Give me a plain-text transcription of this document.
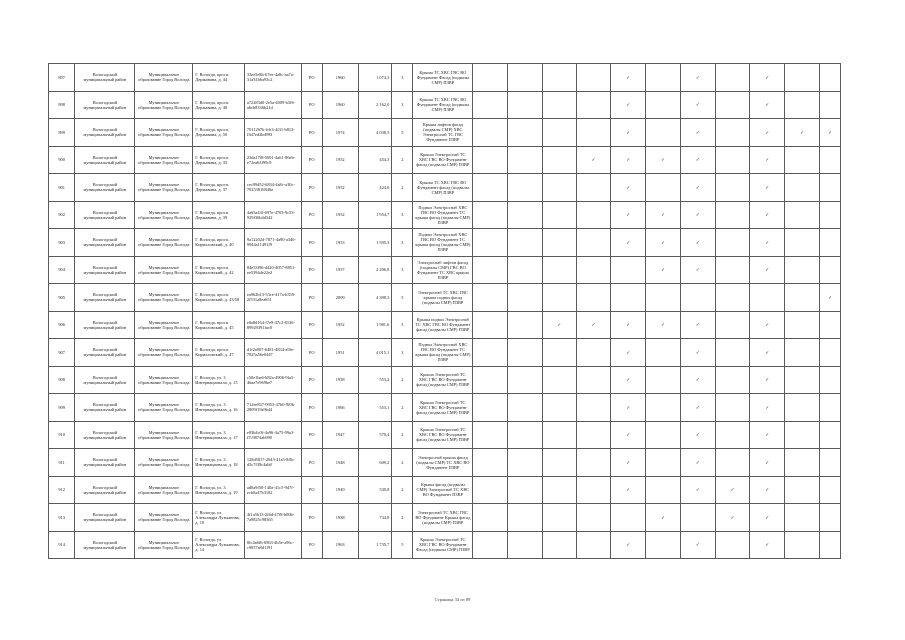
897	Вологодский муниципальный район	Муниципальное образование Город Вологда	Г. Вологда, просп. Державина, д. 44	33ee5e8b-67ee-4a8c-aa7a-31a31b6a93c2	РО	1960	1 074,3	3	Крыша ТС ХВС ГВС ВО Фундамент Фасад (подвалы СМР) ПЗВР					✓		✓		✓		
898	Вологодский муниципальный район	Муниципальное образование Город Вологда	Г. Вологда, просп. Державина, д. 48	a72283d0-2e5a-4009-b5f6-a6cb8336b21d	РО	1960	2 162,0	3	Крыша ТС ХВС ГВС ВО Фундамент Фасад (подвалы СМР) ПЗВР					✓		✓		✓		
899	Вологодский муниципальный район	Муниципальное образование Город Вологда	Г. Вологда, просп. Державина, д. 50	7011267b-fcb3-4f31-b812-f3d7ed2bd993	РО	1974	4 038,5	5	Крыша лифтов фасад (подвалы СМР) ХВС Электроснаб ТС ГВС Фундамент ПЗВР					✓		✓		✓	✓	✓
900	Вологодский муниципальный район	Муниципальное образование Город Вологда	Г. Вологда, просп. Державина, д. 35	23da17f8-5691-4a61-86eb-e72ea63f99c9	РО	1952	454,3	2	Крыша Электроснаб ТС ХВС ГВС ВО Фундамент фасад (подвалы СМР) ПЗВР				✓	✓	✓	✓		✓		
901	Вологодский муниципальный район	Муниципальное образование Город Вологда	Г. Вологда, просп. Державина, д. 37	cec99d52-6834-4a8c-a30c-79253816846a	РО	1952	424,6	2	Крыша ТС ХВС ГВС ВО Фундамент фасад (подвалы СМР) ПЗВР					✓		✓		✓		
902	Вологодский муниципальный район	Муниципальное образование Город Вологда	Г. Вологда, просп. Державина, д. 39	4a65a43f-697e-4703-9c53-929f36b4d342	РО	1952	1 954,7	3	Подвал Электроснаб ХВС ГВС ВО Фундамент ТС крыша фасад (подвалы СМР) ПЗВР					✓	✓	✓		✓		
903	Вологодский муниципальный район	Муниципальное образование Город Вологда	Г. Вологда, просп. Кирилловский, д. 40	9a12202d-7871-4a90-a346-9944a11491f9	РО	1953	1 595,3	3	Подвал Электроснаб ХВС ГВС ВО Фундамент ТС крыша фасад (подвалы СМР) ПЗВР					✓	✓	✓		✓		
904	Вологодский муниципальный район	Муниципальное образование Город Вологда	Г. Вологда, просп. Кирилловский, д. 42	84e53f96-d420-4057-8851-ee5394de22e2	РО	1957	2 206,8	3	Электроснаб лифтов фасад (подвалы СМР) ГВС ВО Фундамент ТС ХВС крыша ПЗВР						✓	✓		✓		
905	Вологодский муниципальный район	Муниципальное образование Город Вологда	Г. Вологда, просп. Кирилловский, д. 43/58	ea962b13-53ce-417a-b359-2f531a8ea651	РО	2009	4 398,3	5	Электроснаб ТС ХВС ГВС крыша подвал фасад (подвалы СМР) ПЗВР											✓
906	Вологодский муниципальный район	Муниципальное образование Город Вологда	Г. Вологда, просп. Кирилловский, д. 45	e0a8d164-f7e9-47c2-8136-89929391fac0	РО	1952	1 981,6	3	Крыша подвал Электроснаб ТС ХВС ГВС ВО Фундамент фасад (подвалы СМР) ПЗВР			✓	✓	✓	✓	✓		✓		
907	Вологодский муниципальный район	Муниципальное образование Город Вологда	Г. Вологда, просп. Кирилловский, д. 47	d1f2a907-6481-4834-a9fe-7825a56e0447	РО	1951	4 015,1	3	Подвал Электроснаб ХВС ГВС ВО Фундамент ТС крыша фасад (подвалы СМР) ПЗВР					✓		✓		✓		
908	Вологодский муниципальный район	Муниципальное образование Город Вологда	Г. Вологда, ул. 3 Интернационала, д. 15	c50e1be6-b82a-4906-9fa5-46ae7e969be7	РО	1958	553,2	2	Крыша Электроснаб ТС ХВС ГВС ВО Фундамент фасад (подвалы СМР) ПЗВР					✓		✓		✓		
909	Вологодский муниципальный район	Муниципальное образование Город Вологда	Г. Вологда, ул. 3 Интернационала, д. 16	712ee837-9953-47b0-9f0b-2809f19a9b44	РО	1966	553,1	2	Крыша Электроснаб ТС ХВС ГВС ВО Фундамент фасад (подвалы СМР) ПЗВР					✓		✓		✓		
910	Вологодский муниципальный район	Муниципальное образование Город Вологда	Г. Вологда, ул. 3 Интернационала, д. 17	e83b4c0f-4a96-4a75-99a3-f7c9874ab990	РО	1947	570,4	2	Крыша Электроснаб ТС ХВС ГВС ВО Фундамент фасад (подвалы СМР) ПЗВР					✓		✓		✓		
911	Вологодский муниципальный район	Муниципальное образование Город Вологда	Г. Вологда, ул. 3 Интернационала, д. 18	128d5817-2643-41a5-8f0c-d5c7f38c4ab8	РО	1948	609,2	2	Электроснаб крыша фасад (подвалы СМР) ТС ХВС ВО Фундамент ПЗВР					✓		✓		✓		
912	Вологодский муниципальный район	Муниципальное образование Город Вологда	Г. Вологда, ул. 3 Интернационала, д. 19	ad0a9f50-140a-41c5-9d7f-ecb0a47b3182	РО	1949	530,8	2	Крыша фасад (подвалы СМР) Электроснаб ТС ХВС ВО Фундамент ПЗВР					✓		✓	✓	✓		
913	Вологодский муниципальный район	Муниципальное образование Город Вологда	Г. Вологда, ул. Александра Лузыанова, д. 10	4f1a5b13-2f6d-47f8-b00b-7a9825c98365	РО	1938	734,8	2	Электроснаб ТС ХВС ГВС ВО Фундамент Крыша фасад (подвалы СМР) ПЗВР						✓		✓	✓		
914	Вологодский муниципальный район	Муниципальное образование Город Вологда	Г. Вологда, ул. Александра Лузыанова, д. 14	8fc4a6f6-6963-4b5e-a96c-c9057a8d1191	РО	1963	1 735,7	5	Крыша Электроснаб ТС ХВС ГВС ВО Фундамент Фасад (подвалы СМР) ПЗВР					✓		✓		✓		
Страница 34 из 89
